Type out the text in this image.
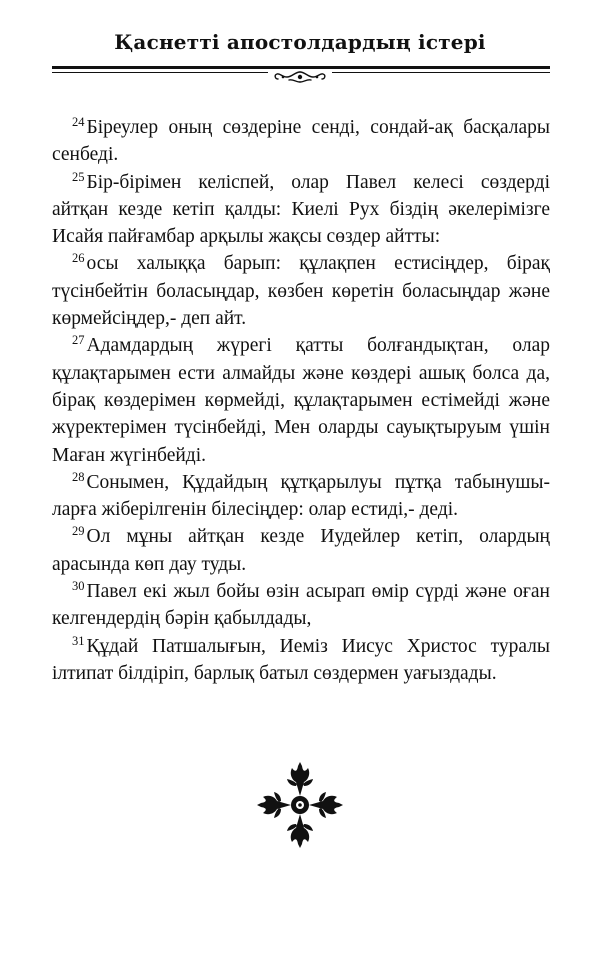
Қаснетті апостолдардың істері

$^{24}$ Біреулер оның сөздеріне сенді, сондай-ақ басқалары сенбеді.

$^{25}$ Бір-бірімен келіспей, олар Павел келесі сөздерді айтқан кезде кетіп қалды: Киелі Рух біздің әкелерімізге Исайя пайғамбар арқылы жақсы сөздер айтты:

$^{26}$ осы халыққа барып: құлақпен естисіңдер, бірақ түсінбейтін боласыңдар, көзбен көретін боласыңдар және көрмейсіңдер,- деп айт.

$^{27}$ Адамдардың жүрегі қатты болғандықтан, олар құлақтарымен ести алмайды және көздері ашық болса да, бірақ көздерімен көрмейді, құлақтарымен естімейді және жүректерімен түсінбейді, Мен оларды сауықтыруым үшін Маған жүгінбейді.

$^{28}$ Сонымен, Құдайдың құтқарылуы пұтқа табынушы-ларға жіберілгенін білесіңдер: олар естиді,- деді.

$^{29}$ Ол мұны айтқан кезде Иудейлер кетіп, олардың арасында көп дау туды.

$^{30}$ Павел екі жыл бойы өзін асырап өмір сүрді және оған келгендердің бәрін қабылдады,

$^{31}$ Құдай Патшалығын, Иеміз Иисус Христос туралы ілтипат білдіріп, барлық батыл сөздермен уағыздады.
